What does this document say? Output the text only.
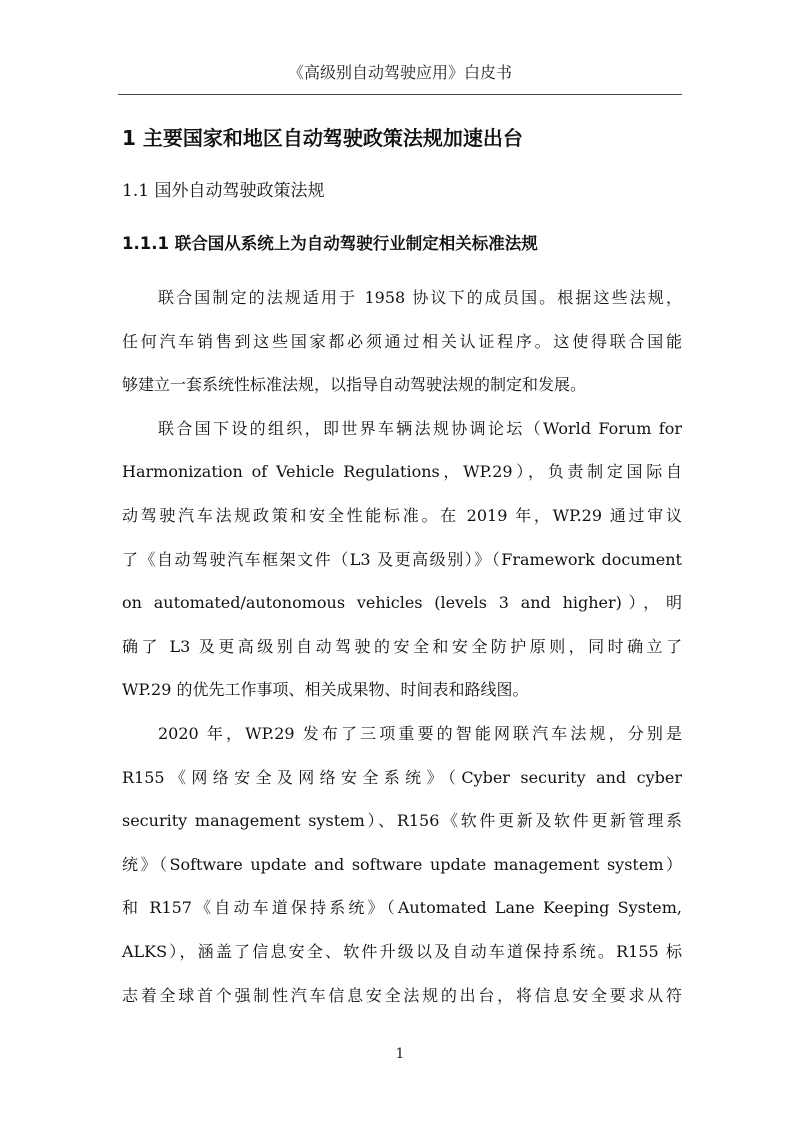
《高级别自动驾驶应用》白皮书
1 主要国家和地区自动驾驶政策法规加速出台
1.1 国外自动驾驶政策法规
1.1.1 联合国从系统上为自动驾驶行业制定相关标准法规
联合国制定的法规适用于 1958 协议下的成员国。根据这些法规，
任何汽车销售到这些国家都必须通过相关认证程序。这使得联合国能
够建立一套系统性标准法规，以指导自动驾驶法规的制定和发展。
联合国下设的组织，即世界车辆法规协调论坛（World Forum for
Harmonization of Vehicle Regulations，WP.29），负责制定国际自
动驾驶汽车法规政策和安全性能标准。在 2019 年，WP.29 通过审议
了《自动驾驶汽车框架文件（L3 及更高级别）》（Framework document
on automated/autonomous vehicles (levels 3 and higher)），明
确了 L3 及更高级别自动驾驶的安全和安全防护原则，同时确立了
WP.29 的优先工作事项、相关成果物、时间表和路线图。
2020 年，WP.29 发布了三项重要的智能网联汽车法规，分别是
R155《网络安全及网络安全系统》（Cyber security and cyber
security management system）、R156《软件更新及软件更新管理系
统》（Software update and software update management system）
和 R157《自动车道保持系统》（Automated Lane Keeping System,
ALKS），涵盖了信息安全、软件升级以及自动车道保持系统。R155 标
志着全球首个强制性汽车信息安全法规的出台，将信息安全要求从符
1
